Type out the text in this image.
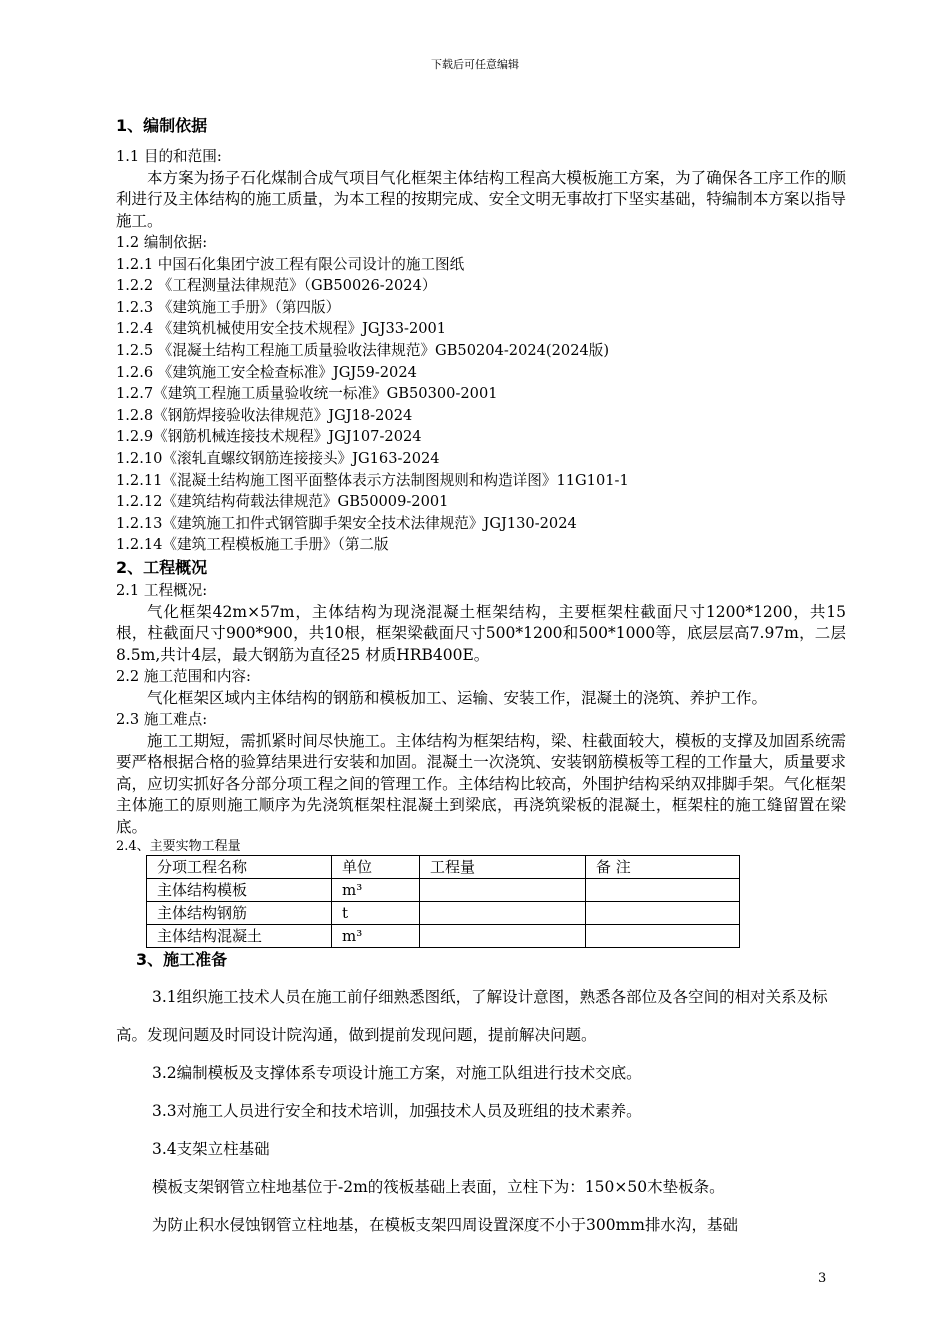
下载后可任意编辑

1、编制依据

1.1 目的和范围:

本方案为扬子石化煤制合成气项目气化框架主体结构工程高大模板施工方案，为了确保各工序工作的顺利进行及主体结构的施工质量，为本工程的按期完成、安全文明无事故打下坚实基础，特编制本方案以指导施工。

1.2 编制依据:

1.2.1 中国石化集团宁波工程有限公司设计的施工图纸

1.2.2 《工程测量法律规范》（GB50026-2024）

1.2.3 《建筑施工手册》（第四版）

1.2.4 《建筑机械使用安全技术规程》JGJ33-2001

1.2.5 《混凝土结构工程施工质量验收法律规范》GB50204-2024(2024版)

1.2.6 《建筑施工安全检查标准》JGJ59-2024

1.2.7《建筑工程施工质量验收统一标准》GB50300-2001

1.2.8《钢筋焊接验收法律规范》JGJ18-2024

1.2.9《钢筋机械连接技术规程》JGJ107-2024

1.2.10《滚轧直螺纹钢筋连接接头》JG163-2024

1.2.11《混凝土结构施工图平面整体表示方法制图规则和构造详图》11G101-1

1.2.12《建筑结构荷载法律规范》GB50009-2001

1.2.13《建筑施工扣件式钢管脚手架安全技术法律规范》JGJ130-2024

1.2.14《建筑工程模板施工手册》（第二版

2、工程概况

2.1 工程概况:

气化框架42m×57m，主体结构为现浇混凝土框架结构，主要框架柱截面尺寸1200*1200，共15根，柱截面尺寸900*900，共10根，框架梁截面尺寸500*1200和500*1000等，底层层高7.97m，二层8.5m,共计4层，最大钢筋为直径25 材质HRB400E。

2.2 施工范围和内容:

气化框架区域内主体结构的钢筋和模板加工、运输、安装工作，混凝土的浇筑、养护工作。

2.3 施工难点:

施工工期短，需抓紧时间尽快施工。主体结构为框架结构，梁、柱截面较大，模板的支撑及加固系统需要严格根据合格的验算结果进行安装和加固。混凝土一次浇筑、安装钢筋模板等工程的工作量大，质量要求高，应切实抓好各分部分项工程之间的管理工作。主体结构比较高，外围护结构采纳双排脚手架。气化框架主体施工的原则施工顺序为先浇筑框架柱混凝土到梁底，再浇筑梁板的混凝土，框架柱的施工缝留置在梁底。

2.4、主要实物工程量

分项工程名称	单位	工程量	备 注
主体结构模板	m³		
主体结构钢筋	t		
主体结构混凝土	m³		

3、施工准备

3.1组织施工技术人员在施工前仔细熟悉图纸，了解设计意图，熟悉各部位及各空间的相对关系及标高。发现问题及时同设计院沟通，做到提前发现问题，提前解决问题。

3.2编制模板及支撑体系专项设计施工方案，对施工队组进行技术交底。

3.3对施工人员进行安全和技术培训，加强技术人员及班组的技术素养。

3.4支架立柱基础

模板支架钢管立柱地基位于-2m的筏板基础上表面，立柱下为：150×50木垫板条。

为防止积水侵蚀钢管立柱地基，在模板支架四周设置深度不小于300mm排水沟，基础

3
